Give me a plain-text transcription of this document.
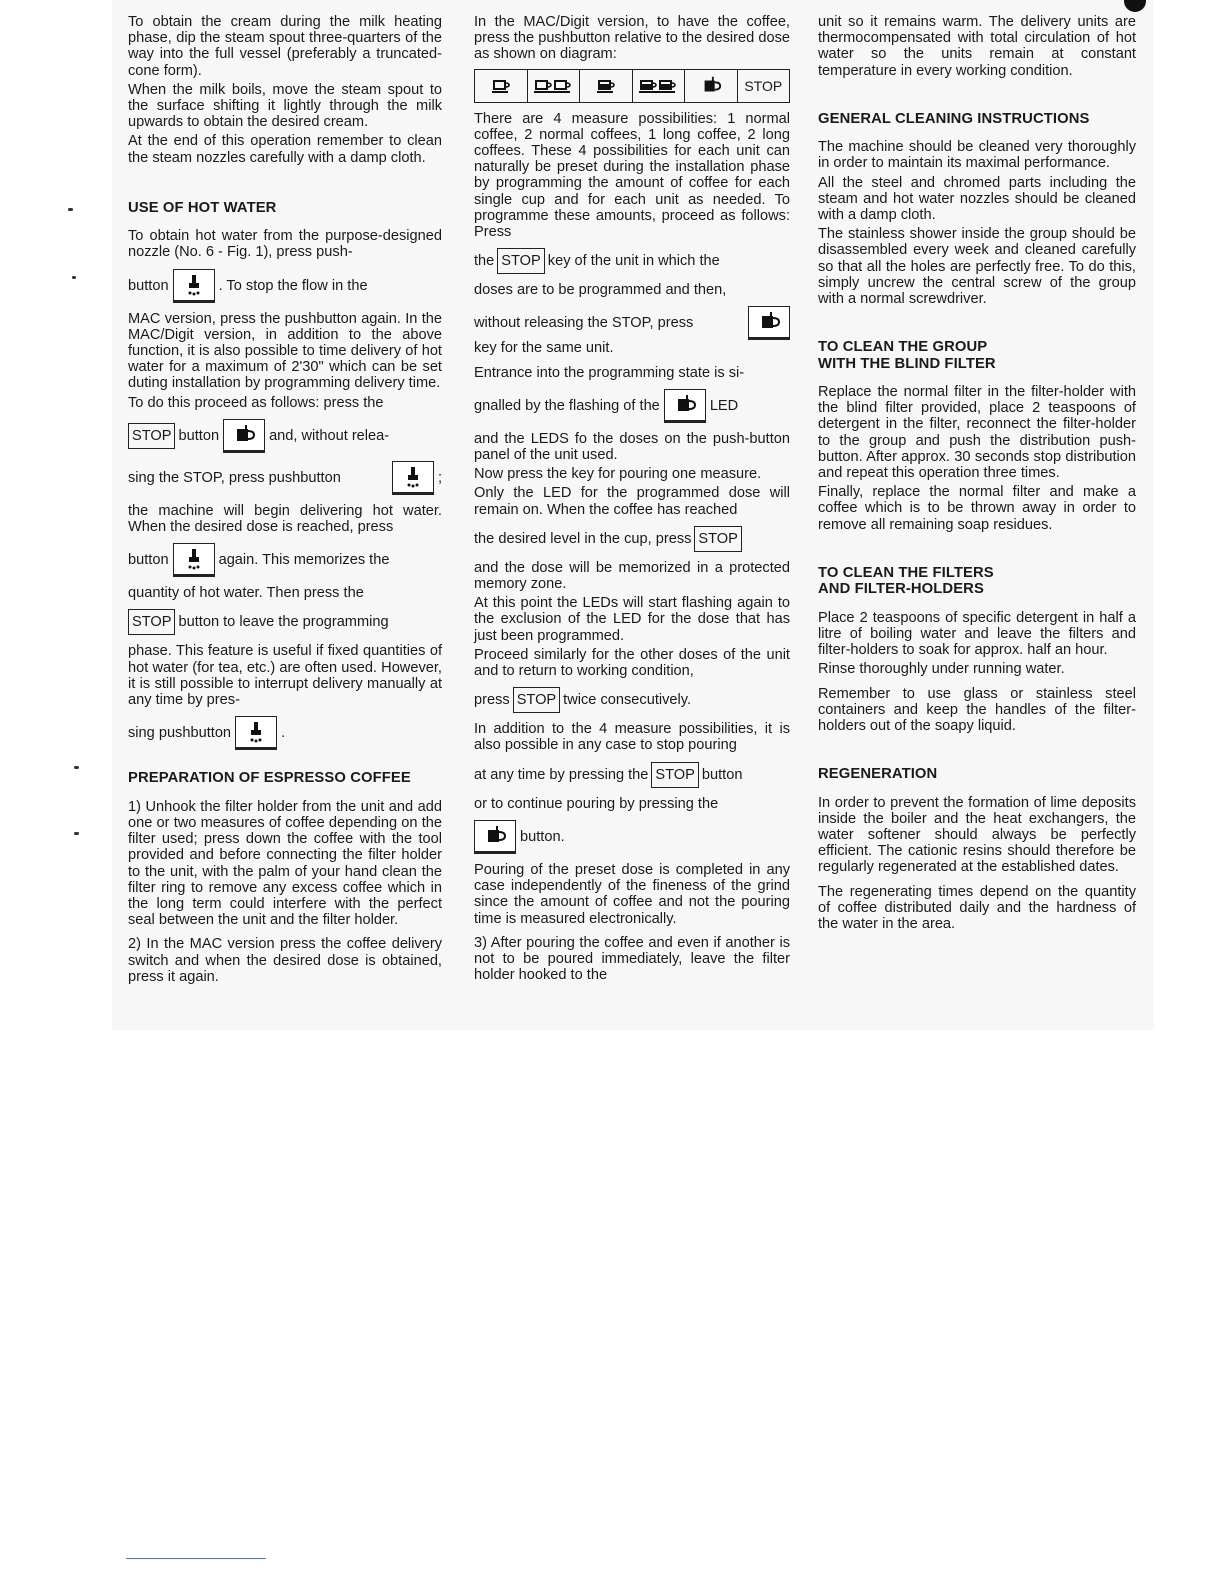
To obtain the cream during the milk heating phase, dip the steam spout three-quarters of the way into the full vessel (preferably a truncated-cone form).

When the milk boils, move the steam spout to the surface shifting it lightly through the milk upwards to obtain the desired cream.

At the end of this operation remember to clean the steam nozzles carefully with a damp cloth.

USE OF HOT WATER

To obtain hot water from the purpose-designed nozzle (No. 6 - Fig. 1), press push-

button	. To stop the flow in the

MAC version, press the pushbutton again. In the MAC/Digit version, in addition to the above function, it is also possible to time delivery of hot water for a maximum of 2'30" which can be set duting installation by programming delivery time.

To do this proceed as follows: press the

STOP button	and, without relea-
sing the STOP, press pushbutton	;

the machine will begin delivering hot water. When the desired dose is reached, press

button	again. This memorizes the

quantity of hot water. Then press the

STOP button to leave the programming

phase. This feature is useful if fixed quantities of hot water (for tea, etc.) are often used. However, it is still possible to interrupt delivery manually at any time by pres-

sing pushbutton	.
PREPARATION OF ESPRESSO COFFEE

1) Unhook the filter holder from the unit and add one or two measures of coffee depending on the filter used; press down the coffee with the tool provided and before connecting the filter holder to the unit, with the palm of your hand clean the filter ring to remove any excess coffee which in the long term could interfere with the perfect seal between the unit and the filter holder.

2) In the MAC version press the coffee delivery switch and when the desired dose is obtained, press it again.

In the MAC/Digit version, to have the coffee, press the pushbutton relative to the desired dose as shown on diagram:

STOP

There are 4 measure possibilities: 1 normal coffee, 2 normal coffees, 1 long coffee, 2 long coffees. These 4 possibilities for each unit can naturally be preset during the installation phase by programming the amount of coffee for each single cup and for each unit as needed. To programme these amounts, proceed as follows: Press

the STOP key of the unit in which the

doses are to be programmed and then,

without releasing the STOP, press

key for the same unit.

Entrance into the programming state is si-

gnalled by the flashing of the	LED

and the LEDS fo the doses on the push-button panel of the unit used.

Now press the key for pouring one measure.

Only the LED for the programmed dose will remain on. When the coffee has reached

the desired level in the cup, press STOP

and the dose will be memorized in a protected memory zone.

At this point the LEDs will start flashing again to the exclusion of the LED for the dose that has just been programmed.

Proceed similarly for the other doses of the unit and to return to working condition,

press STOP twice consecutively.

In addition to the 4 measure possibilities, it is also possible in any case to stop pouring

at any time by pressing the STOP button

or to continue pouring by pressing the

button.

Pouring of the preset dose is completed in any case independently of the fineness of the grind since the amount of coffee and not the pouring time is measured electronically.

3) After pouring the coffee and even if another is not to be poured immediately, leave the filter holder hooked to the

unit so it remains warm. The delivery units are thermocompensated with total circulation of hot water so the units remain at constant temperature in every working condition.

GENERAL CLEANING INSTRUCTIONS

The machine should be cleaned very thoroughly in order to maintain its maximal performance.

All the steel and chromed parts including the steam and hot water nozzles should be cleaned with a damp cloth.

The stainless shower inside the group should be disassembled every week and cleaned carefully so that all the holes are perfectly free. To do this, simply uncrew the central screw of the group with a normal screwdriver.

TO CLEAN THE GROUP
WITH THE BLIND FILTER

Replace the normal filter in the filter-holder with the blind filter provided, place 2 teaspoons of detergent in the filter, reconnect the filter-holder to the group and push the distribution push-button. After approx. 30 seconds stop distribution and repeat this operation three times.

Finally, replace the normal filter and make a coffee which is to be thrown away in order to remove all remaining soap residues.

TO CLEAN THE FILTERS
AND FILTER-HOLDERS

Place 2 teaspoons of specific detergent in half a litre of boiling water and leave the filters and filter-holders to soak for approx. half an hour.

Rinse thoroughly under running water.

Remember to use glass or stainless steel containers and keep the handles of the filter-holders out of the soapy liquid.

REGENERATION

In order to prevent the formation of lime deposits inside the boiler and the heat exchangers, the water softener should always be perfectly efficient. The cationic resins should therefore be regularly regenerated at the established dates.

The regenerating times depend on the quantity of coffee distributed daily and the hardness of the water in the area.
